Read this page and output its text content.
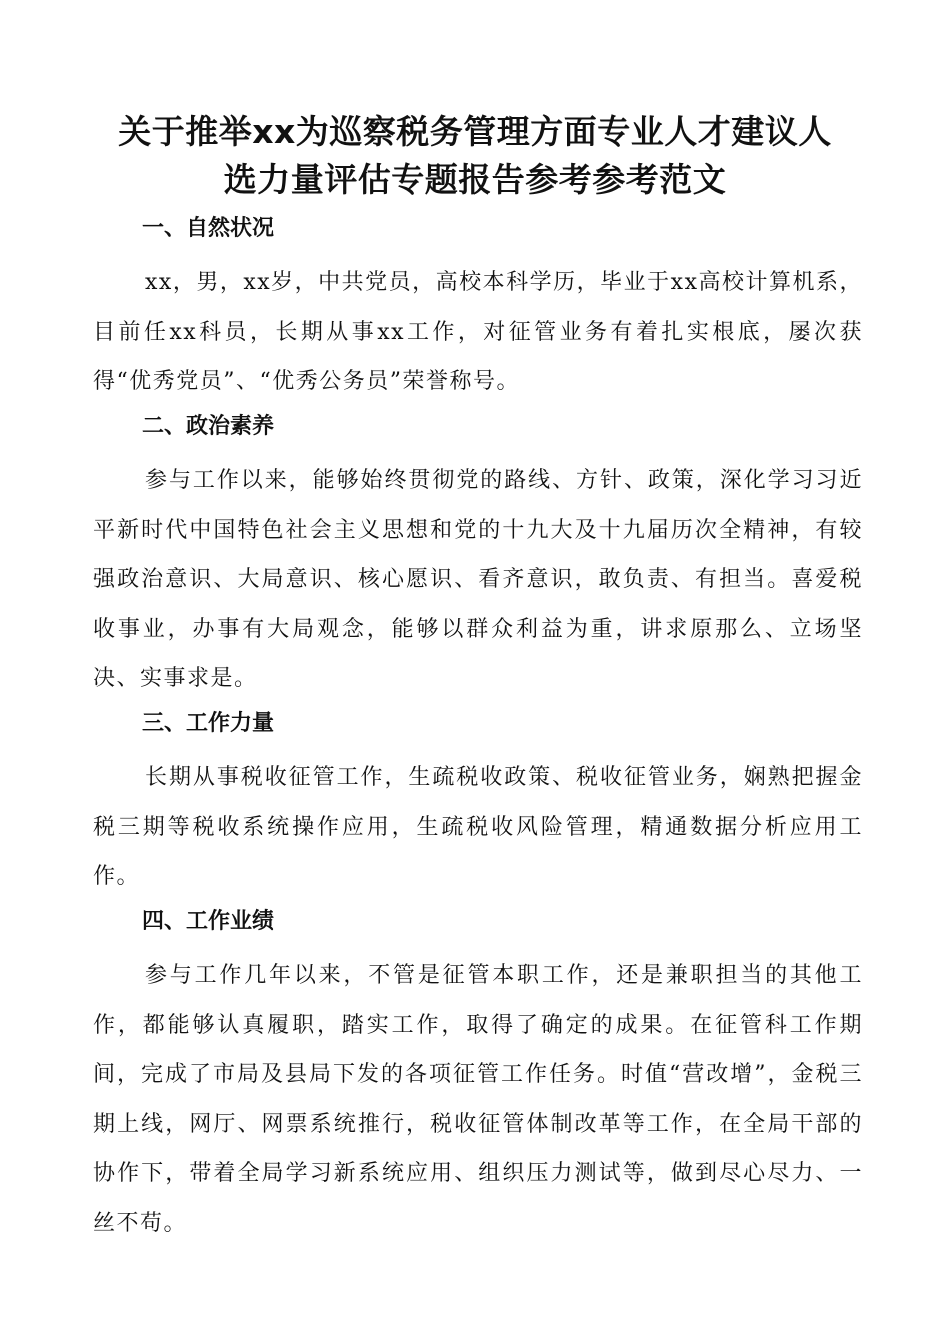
关于推举xx为巡察税务管理方面专业人才建议人
选力量评估专题报告参考参考范文
一、自然状况

xx，男，xx岁，中共党员，高校本科学历，毕业于xx高校计算机系，目前任xx科员，长期从事xx工作，对征管业务有着扎实根底，屡次获得“优秀党员”、“优秀公务员”荣誉称号。

二、政治素养

参与工作以来，能够始终贯彻党的路线、方针、政策，深化学习习近平新时代中国特色社会主义思想和党的十九大及十九届历次全精神，有较强政治意识、大局意识、核心愿识、看齐意识，敢负责、有担当。喜爱税收事业，办事有大局观念，能够以群众利益为重，讲求原那么、立场坚决、实事求是。

三、工作力量

长期从事税收征管工作，生疏税收政策、税收征管业务，娴熟把握金税三期等税收系统操作应用，生疏税收风险管理，精通数据分析应用工作。

四、工作业绩

参与工作几年以来，不管是征管本职工作，还是兼职担当的其他工作，都能够认真履职，踏实工作，取得了确定的成果。在征管科工作期间，完成了市局及县局下发的各项征管工作任务。时值“营改增”，金税三期上线，网厅、网票系统推行，税收征管体制改革等工作，在全局干部的协作下，带着全局学习新系统应用、组织压力测试等，做到尽心尽力、一丝不苟。
